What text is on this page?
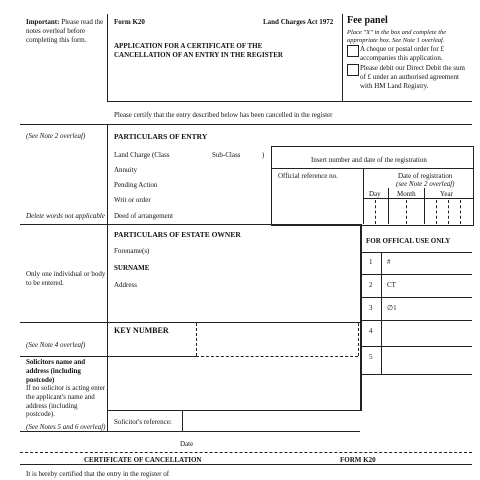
Important: Please read the notes overleaf before completing this form.
Form K20	Land Charges Act 1972
APPLICATION FOR A CERTIFICATE OF THE CANCELLATION OF AN ENTRY IN THE REGISTER
Fee panel
Place "X" in the box and complete the appropriate box. See Note 1 overleaf.
A cheque or postal order for £ accompanies this application.
Please debit our Direct Debit the sum of £ under an authorised agreement with HM Land Registry.
Please certify that the entry described below has been cancelled in the register
(See Note 2 overleaf)	PARTICULARS OF ENTRY
Land Charge (Class	Sub-Class	)
Annuity
Pending Action
Writ or order
Deed of arrangement
Delete words not applicable
Insert number and date of the registration
Official reference no.	Date of registration
(see Note 2 overleaf)
Day Month	Year
PARTICULARS OF ESTATE OWNER
Forename(s)
SURNAME
Address
Only one individual or body to be entered.
FOR OFFICAL USE ONLY
1 #
2 CT
3 ∅1
4
5
KEY NUMBER
(See Note 4 overleaf)
Solicitors name and address (including postcode)
If no solicitor is acting enter the applicant's name and address (including postcode).
(See Notes 5 and 6 overleaf)
Solicitor's reference:
Date
CERTIFICATE OF CANCELLATION	FORM K20
It is hereby certified that the entry in the register of
